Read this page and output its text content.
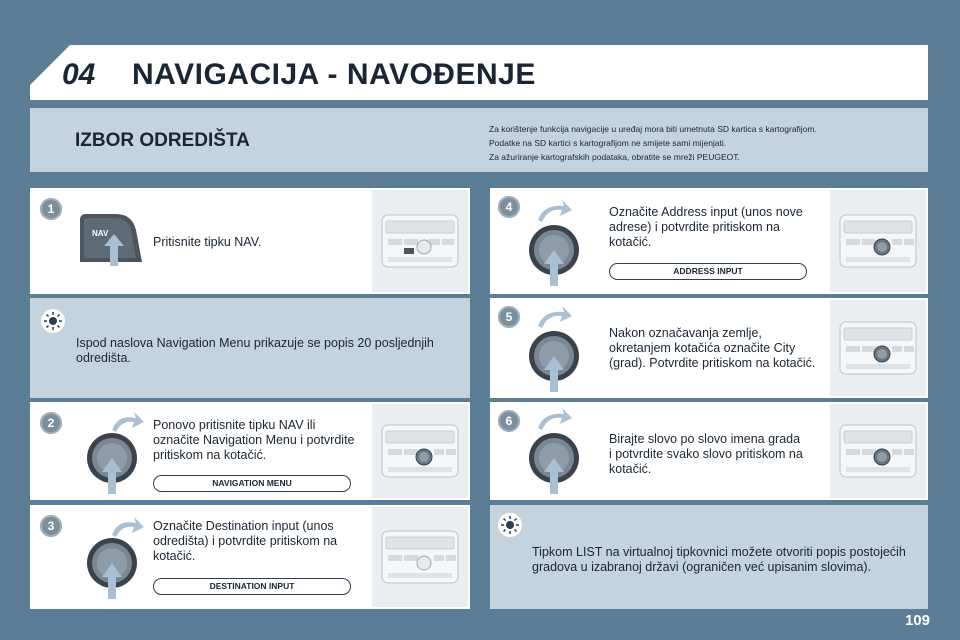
04 NAVIGACIJA - NAVOĐENJE
IZBOR ODREDIŠTA
Za korištenje funkcija navigacije u uređaj mora biti umetnuta SD kartica s kartografijom.
Podatke na SD kartici s kartografijom ne smijete sami mijenjati.
Za ažuriranje kartografskih podataka, obratite se mreži PEUGEOT.
1
NAV
Pritisnite tipku NAV.
Ispod naslova Navigation Menu prikazuje se popis 20 posljednjih
odredišta.
2	Ponovo pritisnite tipku NAV ili
označite Navigation Menu i potvrdite
pritiskom na kotačić.
NAVIGATION MENU
3	Označite Destination input (unos
odredišta) i potvrdite pritiskom na
kotačić.
DESTINATION INPUT
4	Označite Address input (unos nove
adrese) i potvrdite pritiskom na
kotačić.
ADDRESS INPUT
5
Nakon označavanja zemlje,
okretanjem kotačića označite City
(grad). Potvrdite pritiskom na kotačić.
6
Birajte slovo po slovo imena grada
i potvrdite svako slovo pritiskom na
kotačić.
Tipkom LIST na virtualnoj tipkovnici možete otvoriti popis postojećih
gradova u izabranoj državi (ograničen već upisanim slovima).
109
